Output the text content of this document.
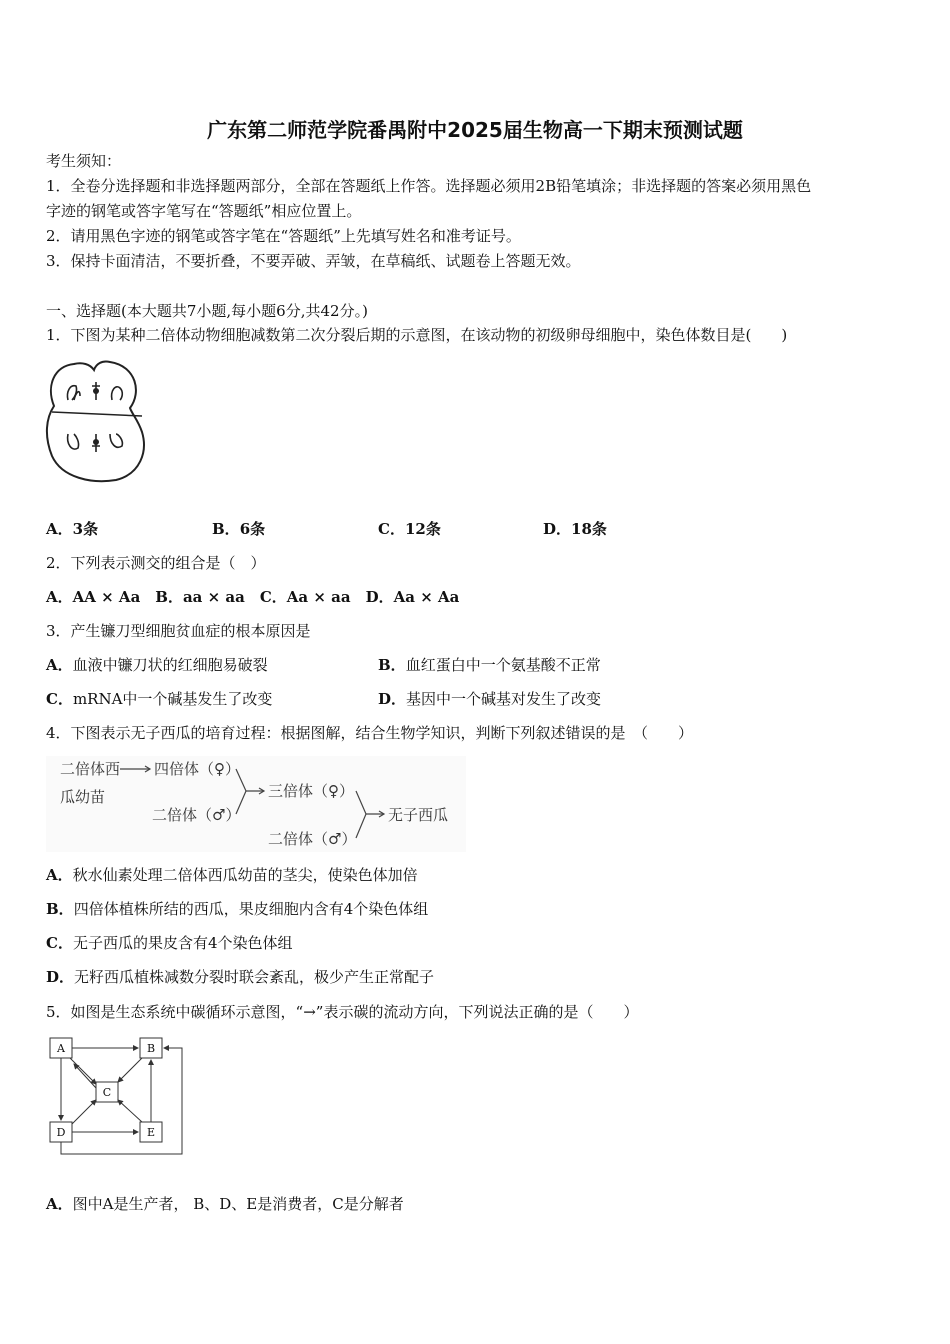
广东第二师范学院番禺附中2025届生物高一下期末预测试题
考生须知：
1．全卷分选择题和非选择题两部分，全部在答题纸上作答。选择题必须用2B铅笔填涂；非选择题的答案必须用黑色
字迹的钢笔或答字笔写在“答题纸”相应位置上。
2．请用黑色字迹的钢笔或答字笔在“答题纸”上先填写姓名和准考证号。
3．保持卡面清洁，不要折叠，不要弄破、弄皱，在草稿纸、试题卷上答题无效。
一、选择题(本大题共7小题,每小题6分,共42分。)
1．下图为某种二倍体动物细胞减数第二次分裂后期的示意图，在该动物的初级卵母细胞中，染色体数目是(　　)
A．3条	B．6条	C．12条	D．18条
2．下列表示测交的组合是（　）
A．AA × Aa　B．aa × aa　C．Aa × aa　D．Aa × Aa
3．产生镰刀型细胞贫血症的根本原因是
A．血液中镰刀状的红细胞易破裂	B．血红蛋白中一个氨基酸不正常
C．mRNA中一个碱基发生了改变	D．基因中一个碱基对发生了改变
4．下图表示无子西瓜的培育过程：根据图解，结合生物学知识，判断下列叙述错误的是　（　　）
二倍体西
瓜幼苗
四倍体（♀）
二倍体（♂）
三倍体（♀）
二倍体（♂）
无子西瓜
A．秋水仙素处理二倍体西瓜幼苗的茎尖，使染色体加倍
B．四倍体植株所结的西瓜，果皮细胞内含有4个染色体组
C．无子西瓜的果皮含有4个染色体组
D．无籽西瓜植株减数分裂时联会紊乱，极少产生正常配子
5．如图是生态系统中碳循环示意图，“→”表示碳的流动方向，下列说法正确的是（　　）
A	B
C
D	E
A．图中A是生产者， B、D、E是消费者，C是分解者
